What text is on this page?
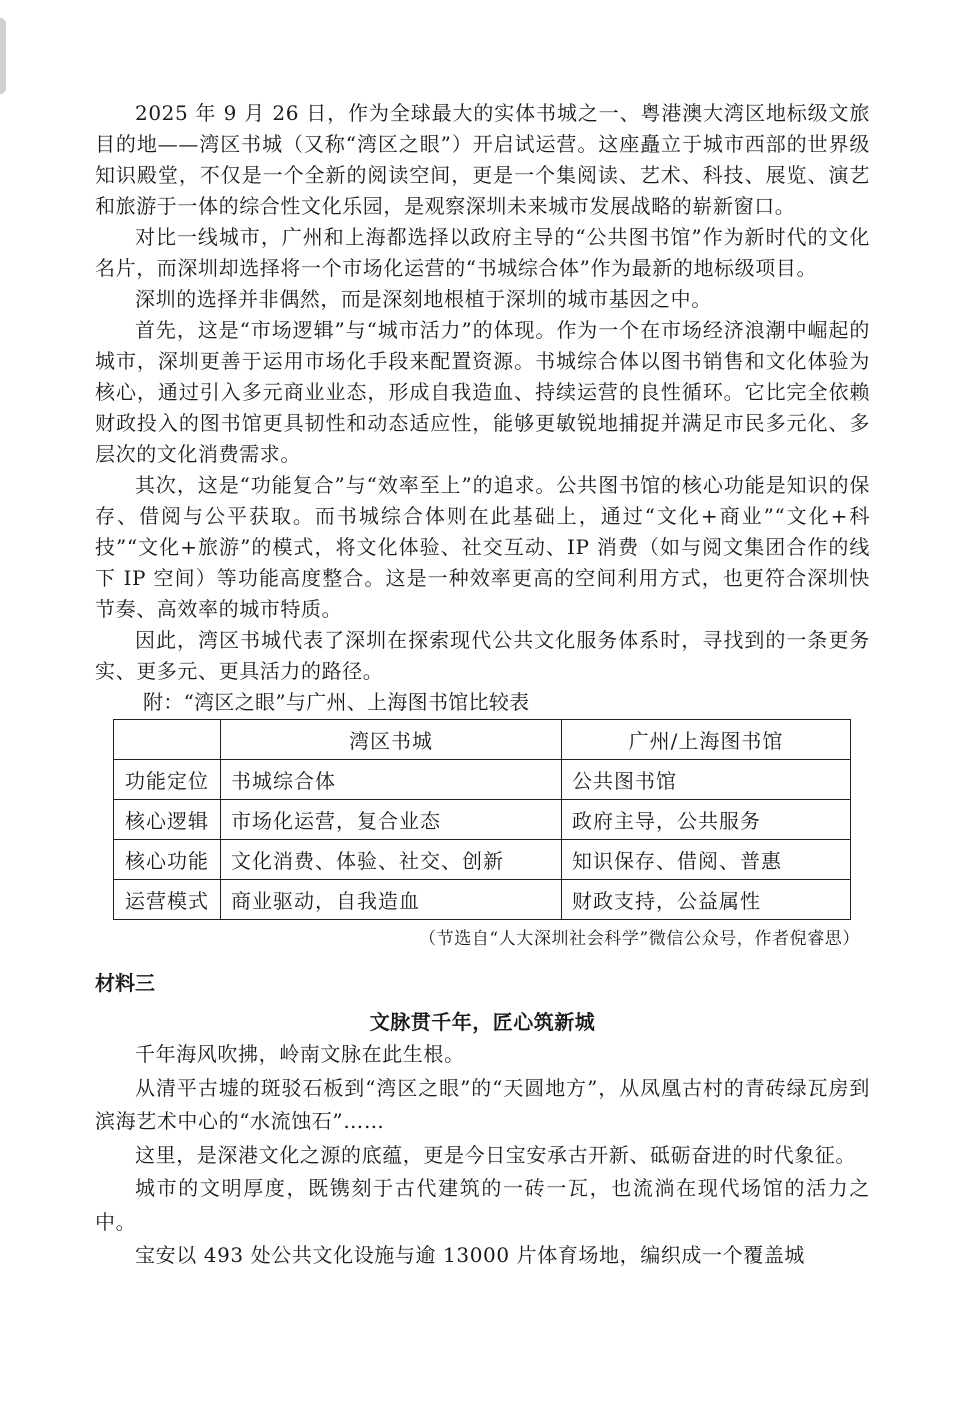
2025 年 9 月 26 日，作为全球最大的实体书城之一、粤港澳大湾区地标级文旅目的地——湾区书城（又称“湾区之眼”）开启试运营。这座矗立于城市西部的世界级知识殿堂，不仅是一个全新的阅读空间，更是一个集阅读、艺术、科技、展览、演艺和旅游于一体的综合性文化乐园，是观察深圳未来城市发展战略的崭新窗口。

对比一线城市，广州和上海都选择以政府主导的“公共图书馆”作为新时代的文化名片，而深圳却选择将一个市场化运营的“书城综合体”作为最新的地标级项目。

深圳的选择并非偶然，而是深刻地根植于深圳的城市基因之中。

首先，这是“市场逻辑”与“城市活力”的体现。作为一个在市场经济浪潮中崛起的城市，深圳更善于运用市场化手段来配置资源。书城综合体以图书销售和文化体验为核心，通过引入多元商业业态，形成自我造血、持续运营的良性循环。它比完全依赖财政投入的图书馆更具韧性和动态适应性，能够更敏锐地捕捉并满足市民多元化、多层次的文化消费需求。

其次，这是“功能复合”与“效率至上”的追求。公共图书馆的核心功能是知识的保存、借阅与公平获取。而书城综合体则在此基础上，通过“文化+商业”“文化+科技”“文化+旅游”的模式，将文化体验、社交互动、IP 消费（如与阅文集团合作的线下 IP 空间）等功能高度整合。这是一种效率更高的空间利用方式，也更符合深圳快节奏、高效率的城市特质。

因此，湾区书城代表了深圳在探索现代公共文化服务体系时，寻找到的一条更务实、更多元、更具活力的路径。

附：“湾区之眼”与广州、上海图书馆比较表

	湾区书城	广州/上海图书馆
功能定位	书城综合体	公共图书馆
核心逻辑	市场化运营，复合业态	政府主导，公共服务
核心功能	文化消费、体验、社交、创新	知识保存、借阅、普惠
运营模式	商业驱动，自我造血	财政支持，公益属性

（节选自“人大深圳社会科学”微信公众号，作者倪睿思）

材料三

文脉贯千年，匠心筑新城

千年海风吹拂，岭南文脉在此生根。

从清平古墟的斑驳石板到“湾区之眼”的“天圆地方”，从凤凰古村的青砖绿瓦房到滨海艺术中心的“水流蚀石”……

这里，是深港文化之源的底蕴，更是今日宝安承古开新、砥砺奋进的时代象征。

城市的文明厚度，既镌刻于古代建筑的一砖一瓦，也流淌在现代场馆的活力之中。

宝安以 493 处公共文化设施与逾 13000 片体育场地，编织成一个覆盖城
